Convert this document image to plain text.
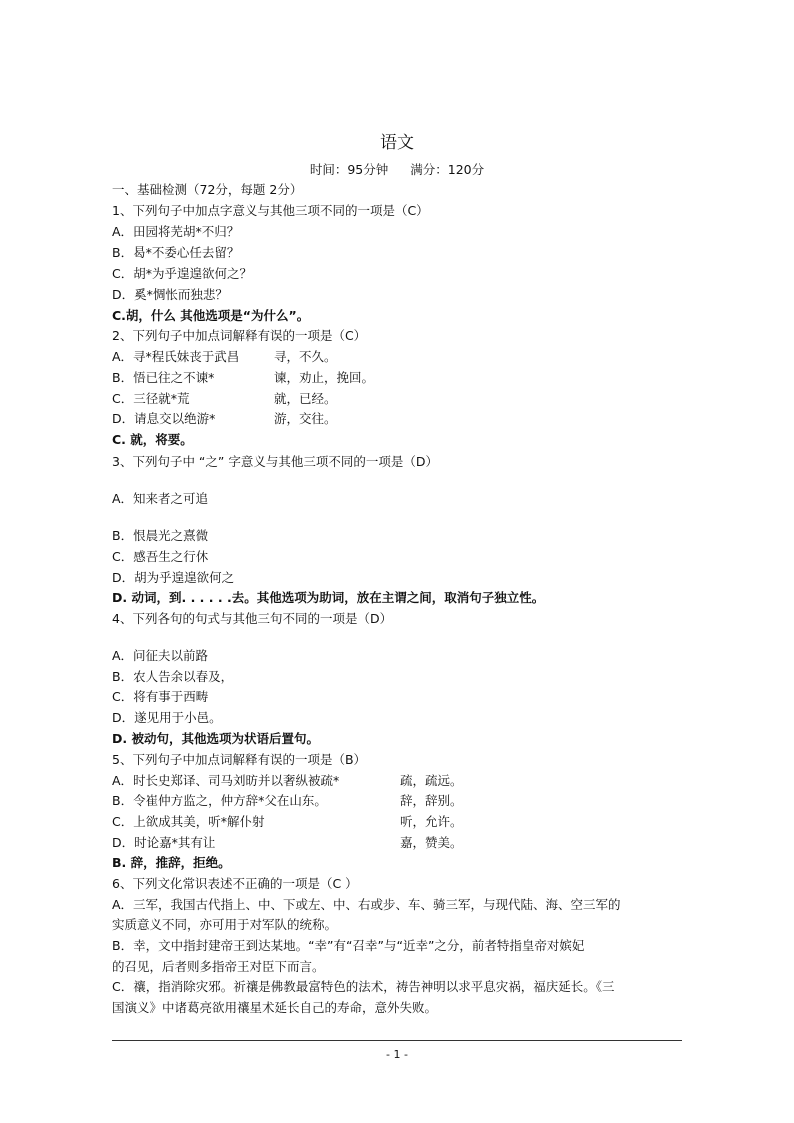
语文
时间：95分钟 满分：120分
一、基础检测（72分，每题 2分）
1、下列句子中加点字意义与其他三项不同的一项是（C）
A．田园将芜胡*不归？
B．曷*不委心任去留？
C．胡*为乎遑遑欲何之？
D．奚*惆怅而独悲？
C.胡，什么 其他选项是“为什么”。
2、下列句子中加点词解释有误的一项是（C）
A．寻*程氏妹丧于武昌	寻，不久。
B．悟已往之不谏*	谏，劝止，挽回。
C．三径就*荒	就，已经。
D．请息交以绝游*	游，交往。
C. 就，将要。
3、下列句子中 “之” 字意义与其他三项不同的一项是（D）
A．知来者之可追
B．恨晨光之熹微
C．感吾生之行休
D．胡为乎遑遑欲何之
D. 动词，到. . . . . .去。其他选项为助词，放在主谓之间，取消句子独立性。
4、下列各句的句式与其他三句不同的一项是（D）
A．问征夫以前路
B．农人告余以春及，
C．将有事于西畴
D．遂见用于小邑。
D. 被动句，其他选项为状语后置句。
5、下列句子中加点词解释有误的一项是（B）
A．时长史郑译、司马刘昉并以奢纵被疏*	疏，疏远。
B．令崔仲方监之，仲方辞*父在山东。	辞，辞别。
C．上欲成其美，听*解仆射	听，允许。
D．时论嘉*其有让	嘉，赞美。
B. 辞，推辞，拒绝。
6、下列文化常识表述不正确的一项是（C ）
A．三军，我国古代指上、中、下或左、中、右或步、车、骑三军，与现代陆、海、空三军的
实质意义不同，亦可用于对军队的统称。
B．幸，文中指封建帝王到达某地。“幸”有“召幸”与“近幸”之分，前者特指皇帝对嫔妃
的召见，后者则多指帝王对臣下而言。
C．禳，指消除灾邪。祈禳是佛教最富特色的法术，祷告神明以求平息灾祸，福庆延长。《三
国演义》中诸葛亮欲用禳星术延长自己的寿命，意外失败。
- 1 -
